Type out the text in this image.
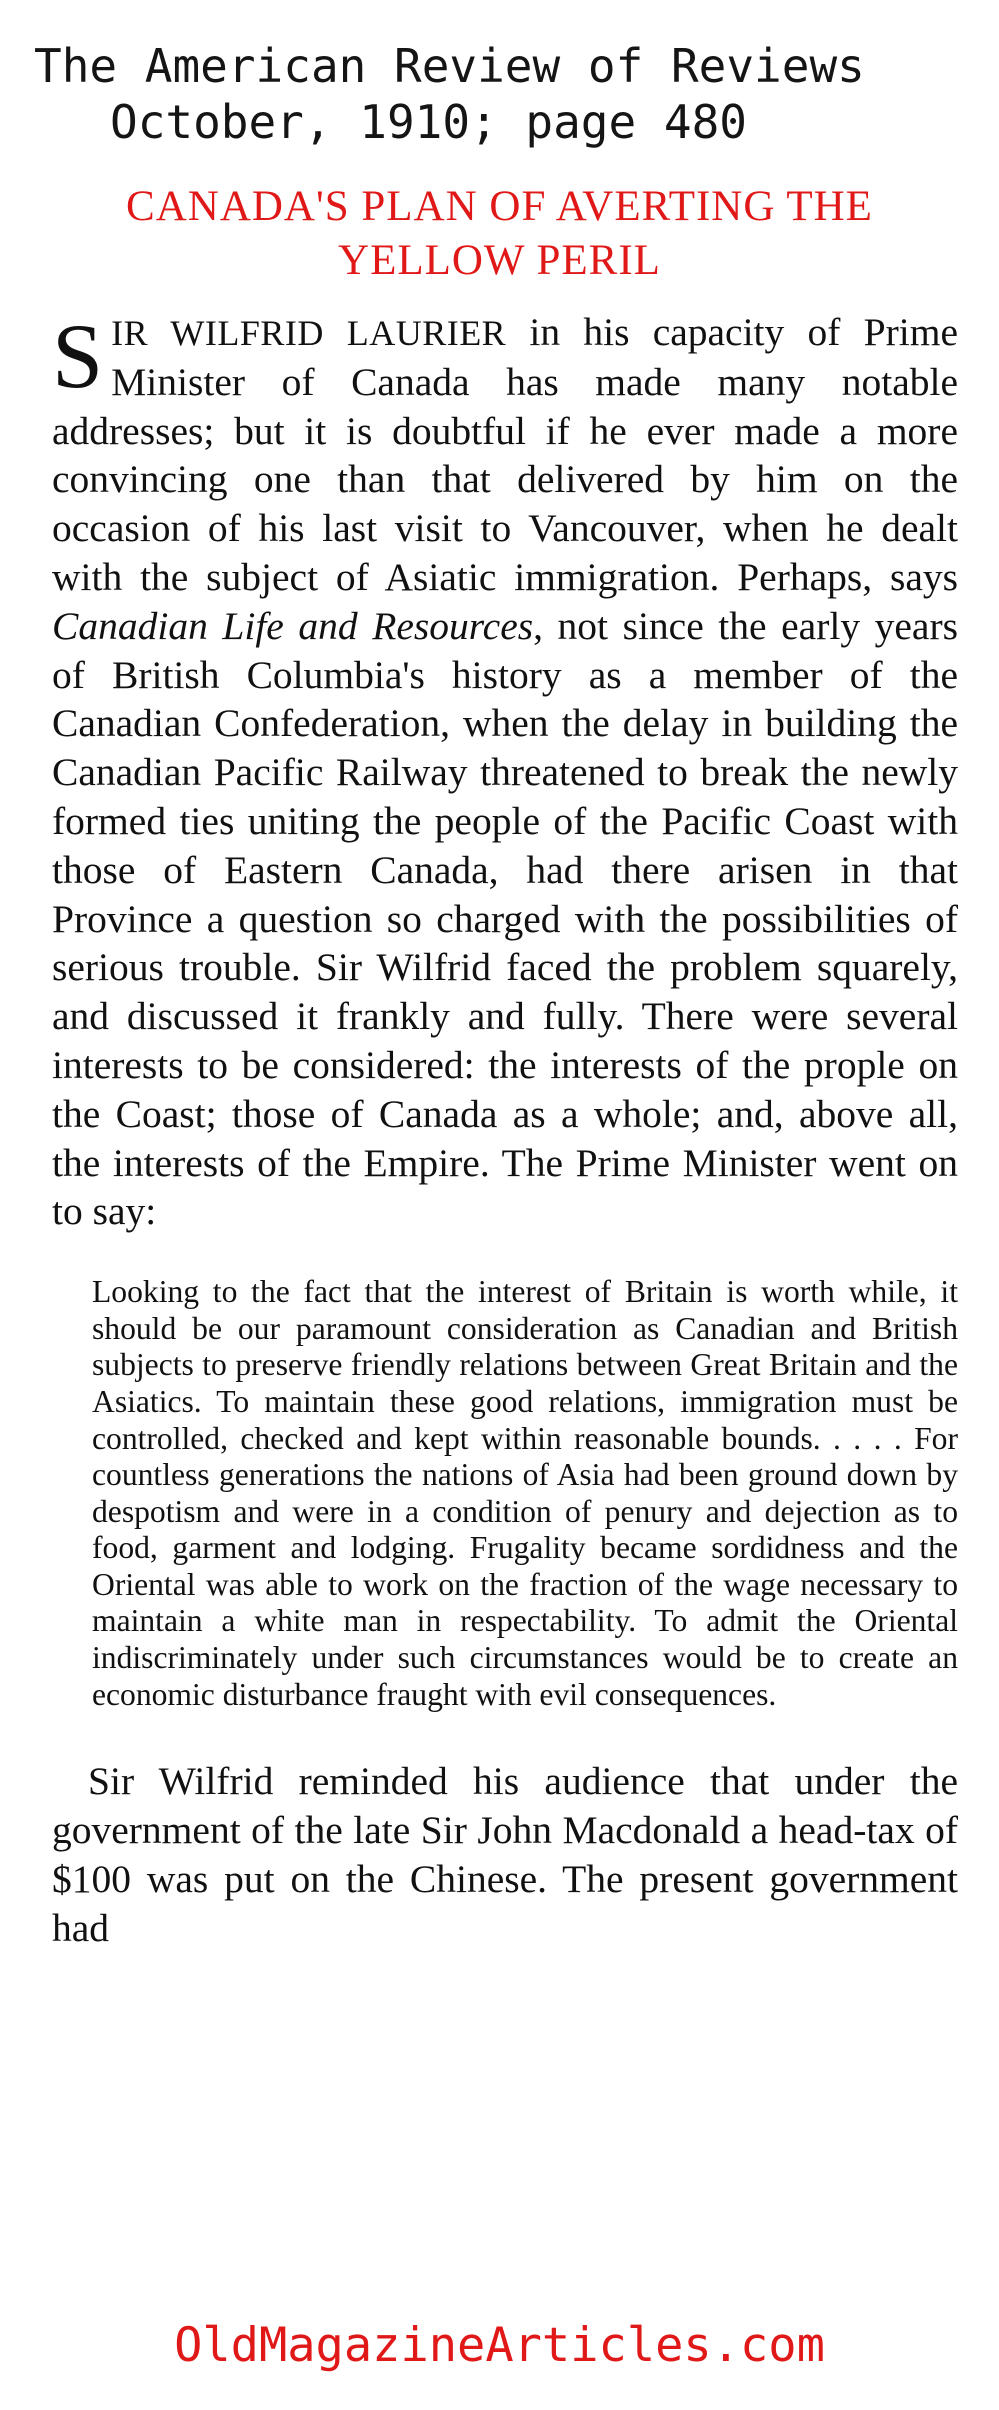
The American Review of Reviews
October, 1910; page 480
CANADA'S PLAN OF AVERTING THE
YELLOW PERIL

SIR WILFRID LAURIER in his capacity of Prime Minister of Canada has made many notable addresses; but it is doubtful if he ever made a more convincing one than that delivered by him on the occasion of his last visit to Vancouver, when he dealt with the subject of Asiatic immigration. Perhaps, says Canadian Life and Resources, not since the early years of British Columbia's history as a member of the Canadian Confederation, when the delay in building the Canadian Pacific Railway threatened to break the newly formed ties uniting the people of the Pacific Coast with those of Eastern Canada, had there arisen in that Province a question so charged with the possibilities of serious trouble. Sir Wilfrid faced the problem squarely, and discussed it frankly and fully. There were several interests to be considered: the interests of the prople on the Coast; those of Canada as a whole; and, above all, the interests of the Empire. The Prime Minister went on to say:

Looking to the fact that the interest of Britain is worth while, it should be our paramount consideration as Canadian and British subjects to preserve friendly relations between Great Britain and the Asiatics. To maintain these good relations, immigration must be controlled, checked and kept within reasonable bounds. . . . . For countless generations the nations of Asia had been ground down by despotism and were in a condition of penury and dejection as to food, garment and lodging. Frugality became sordidness and the Oriental was able to work on the fraction of the wage necessary to maintain a white man in respectability. To admit the Oriental indiscriminately under such circumstances would be to create an economic disturbance fraught with evil consequences.

Sir Wilfrid reminded his audience that under the government of the late Sir John Macdonald a head-tax of $100 was put on the Chinese. The present government had

OldMagazineArticles.com
